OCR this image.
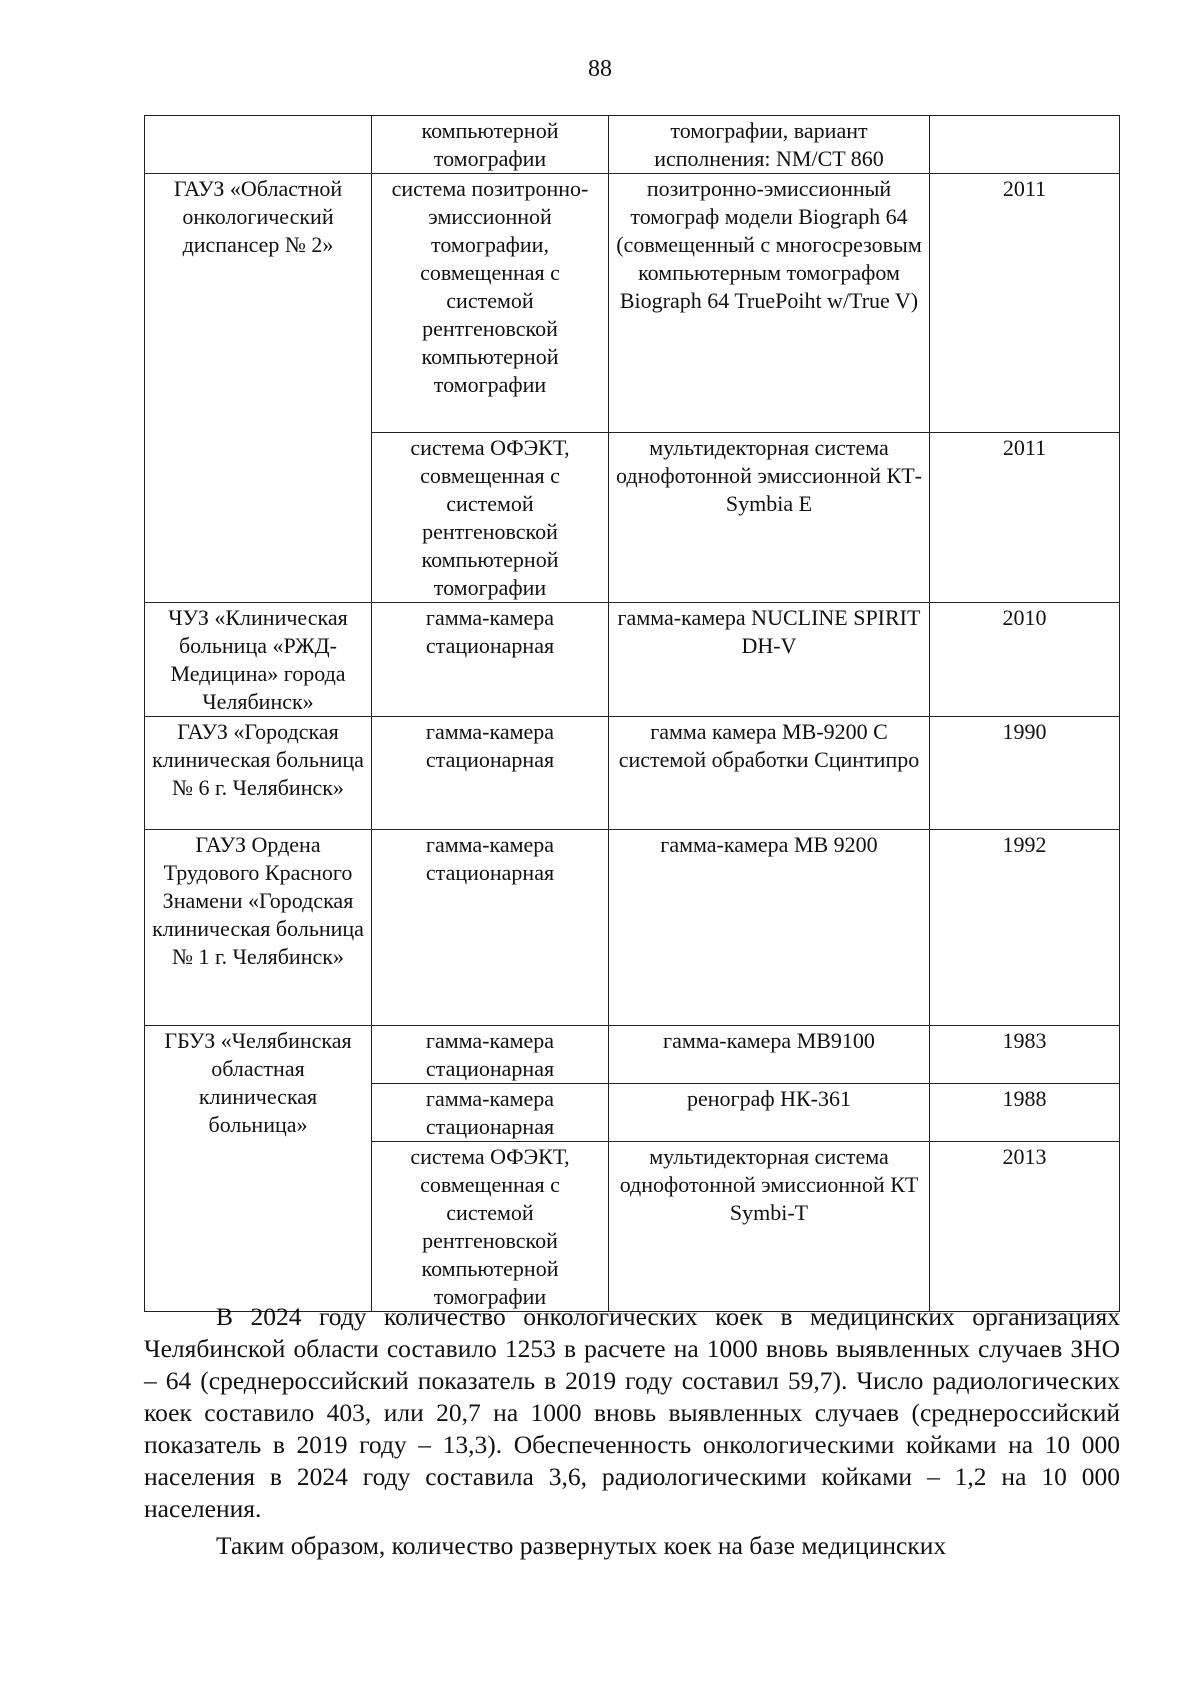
88
	компьютерной томографии	томографии, вариант исполнения: NM/CT 860	
ГАУЗ «Областной онкологический диспансер № 2»	система позитронно-эмиссионной томографии, совмещенная с системой рентгеновской компьютерной томографии	позитронно-эмиссионный томограф модели Biograph 64 (совмещенный с многосрезовым компьютерным томографом Biograph 64 TruePoiht w/True V)	2011
	система ОФЭКТ, совмещенная с системой рентгеновской компьютерной томографии	мультидекторная система однофотонной эмиссионной КТ-Symbia E	2011
ЧУЗ «Клиническая больница «РЖД-Медицина» города Челябинск»	гамма-камера стационарная	гамма-камера NUCLINE SPIRIT DH-V	2010
ГАУЗ «Городская клиническая больница № 6 г. Челябинск»	гамма-камера стационарная	гамма камера МВ-9200 С системой обработки Сцинтипро	1990
ГАУЗ Ордена Трудового Красного Знамени «Городская клиническая больница № 1 г. Челябинск»	гамма-камера стационарная	гамма-камера МВ 9200	1992
ГБУЗ «Челябинская областная клиническая больница»	гамма-камера стационарная	гамма-камера МВ9100	1983
	гамма-камера стационарная	ренограф НК-361	1988
	система ОФЭКТ, совмещенная с системой рентгеновской компьютерной томографии	мультидекторная система однофотонной эмиссионной КТ Symbi-T	2013

В 2024 году количество онкологических коек в медицинских организациях Челябинской области составило 1253 в расчете на 1000 вновь выявленных случаев ЗНО – 64 (среднероссийский показатель в 2019 году составил 59,7). Число радиологических коек составило 403, или 20,7 на 1000 вновь выявленных случаев (среднероссийский показатель в 2019 году – 13,3). Обеспеченность онкологическими койками на 10 000 населения в 2024 году составила 3,6, радиологическими койками – 1,2 на 10 000 населения.

Таким образом, количество развернутых коек на базе медицинских
